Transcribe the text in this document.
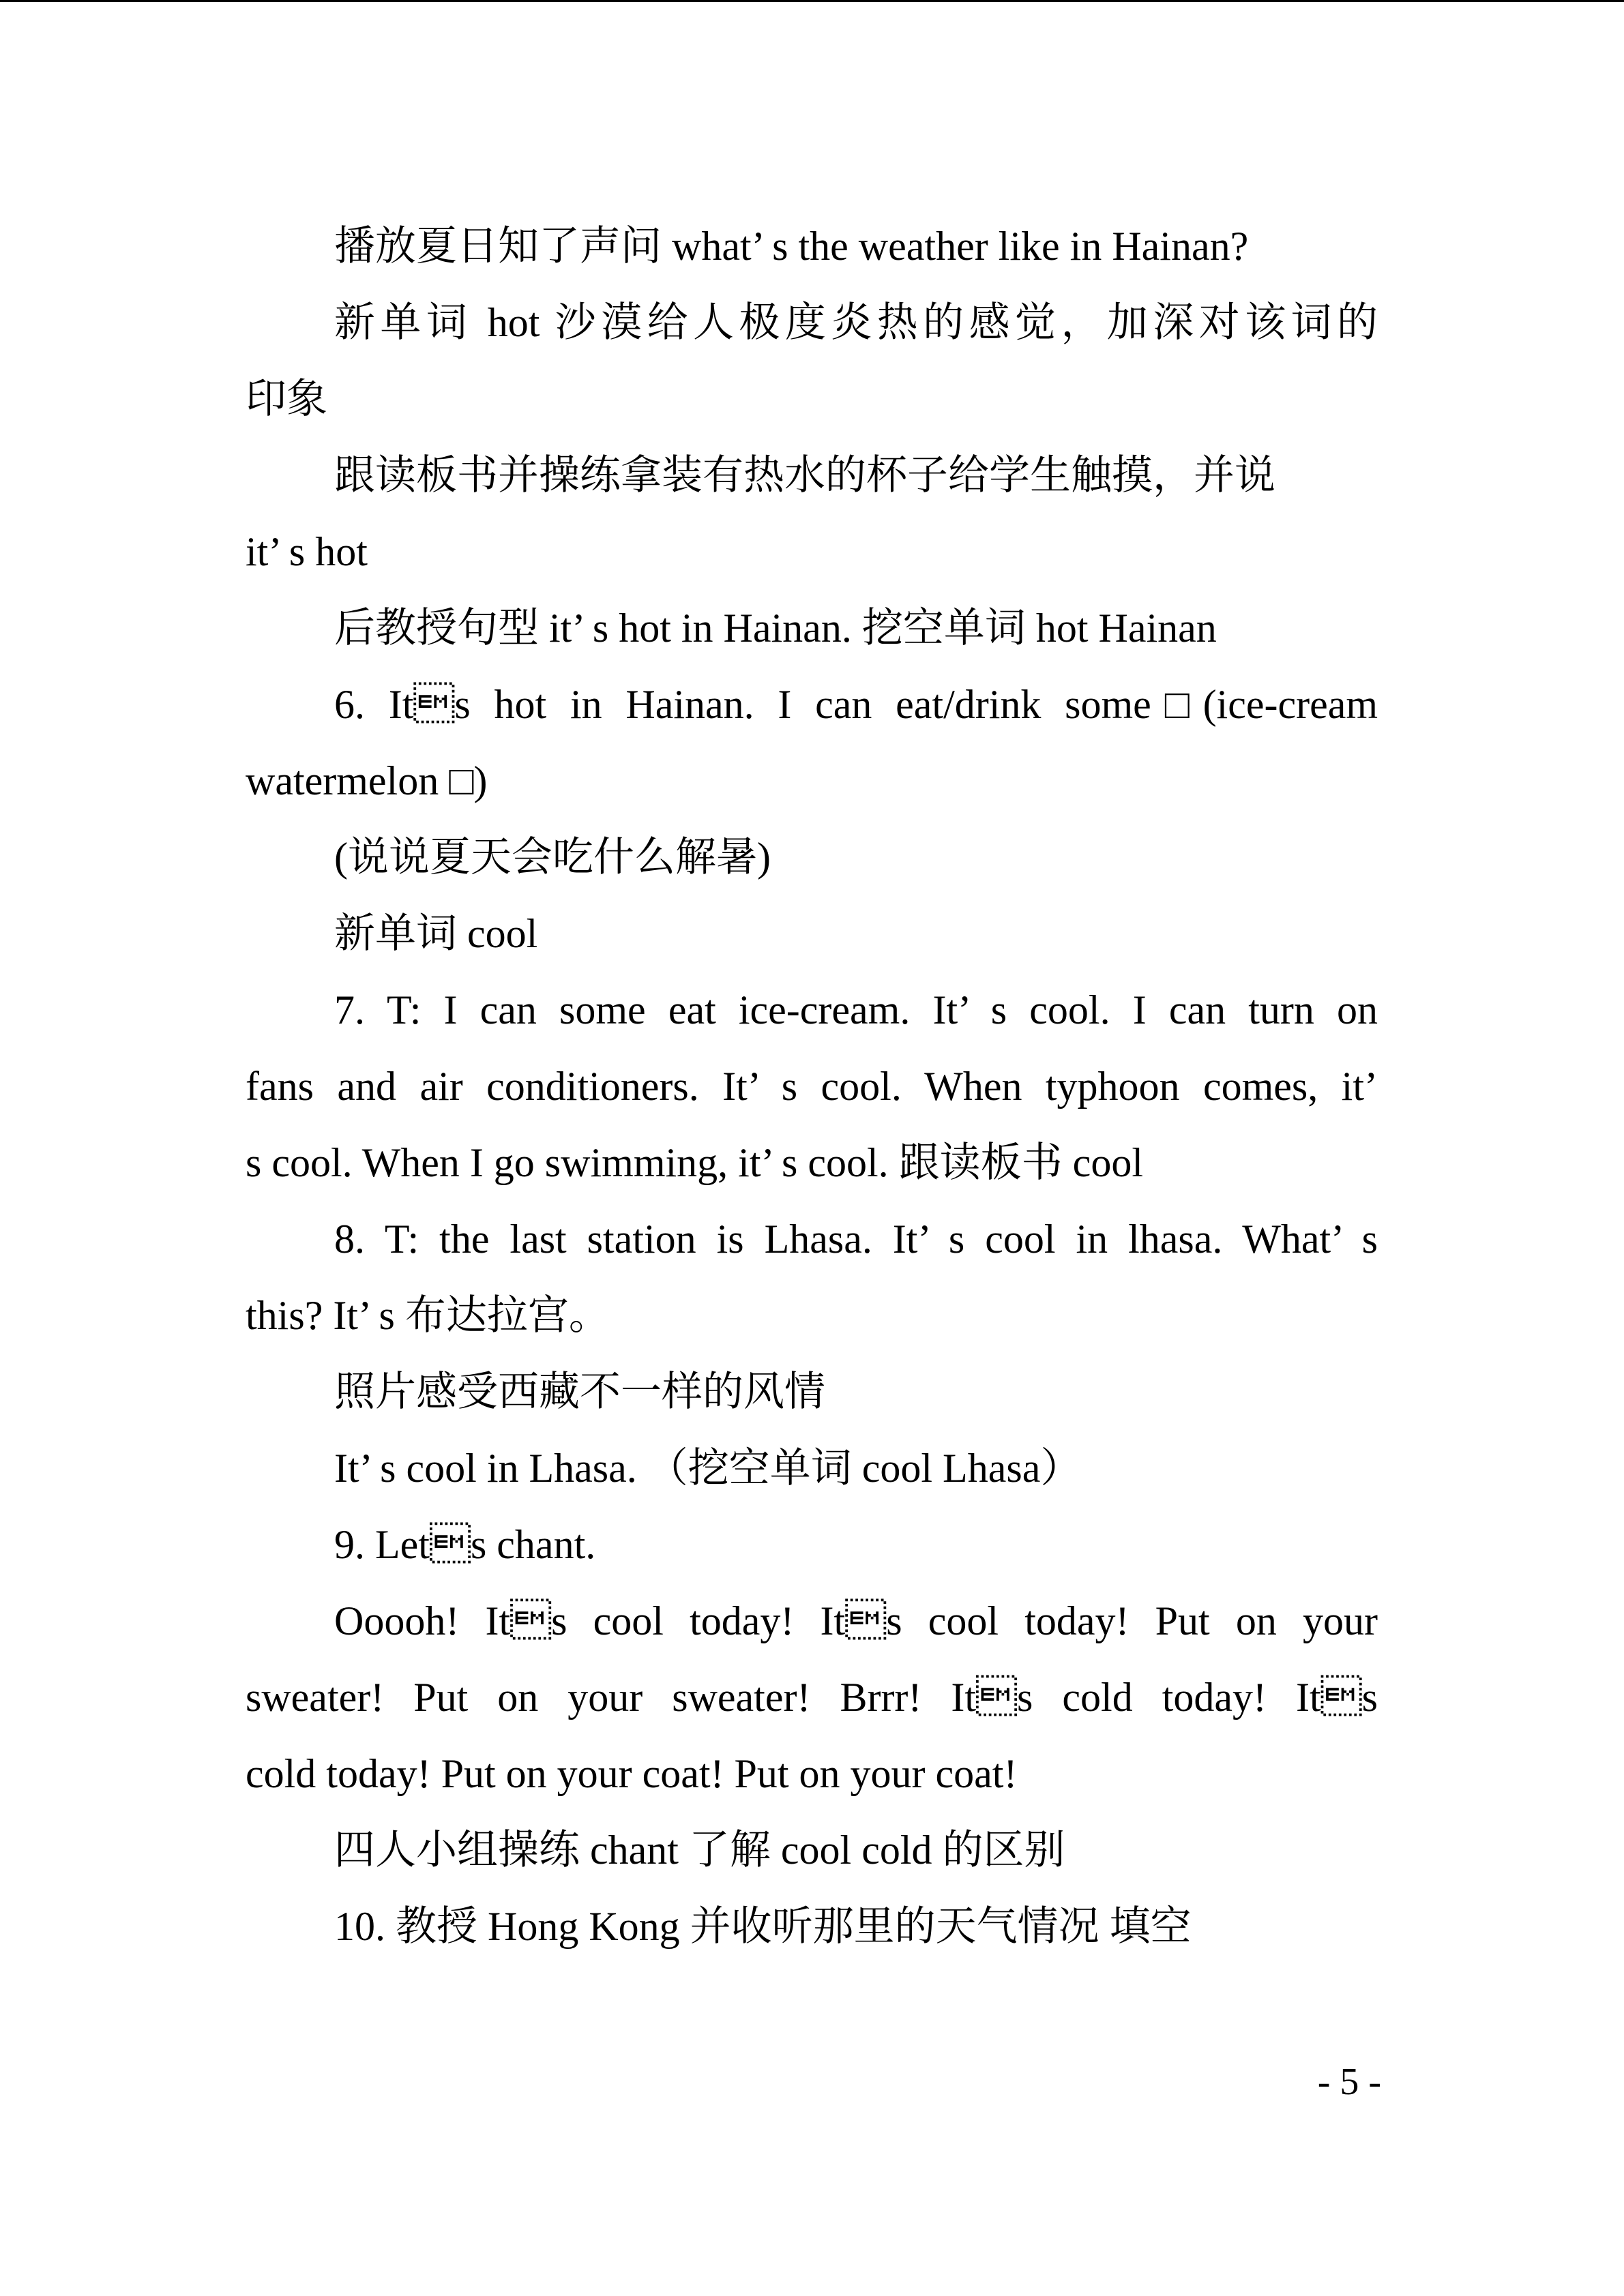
播放夏日知了声问 what’ s the weather like in Hainan?
新单词 hot 沙漠给人极度炎热的感觉，加深对该词的
印象
跟读板书并操练拿装有热水的杯子给学生触摸，并说
it’ s hot
后教授句型 it’ s hot in Hainan. 挖空单词 hot Hainan
6. Its hot in Hainan. I can eat/drink some□(ice-cream
watermelon □)
(说说夏天会吃什么解暑)
新单词 cool
7. T: I can some eat ice-cream. It’ s cool. I can turn on
fans and air conditioners. It’ s cool. When typhoon comes, it’
s cool. When I go swimming, it’ s cool. 跟读板书 cool
8. T: the last station is Lhasa. It’ s cool in lhasa. What’ s
this? It’ s 布达拉宫。
照片感受西藏不一样的风情
It’ s cool in Lhasa. （挖空单词 cool Lhasa）
9. Lets chant.
Ooooh! Its cool today! Its cool today! Put on your
sweater! Put on your sweater! Brrr! Its cold today! Its
cold today! Put on your coat! Put on your coat!
四人小组操练 chant 了解 cool cold 的区别
10. 教授 Hong Kong 并收听那里的天气情况 填空
- 5 -
